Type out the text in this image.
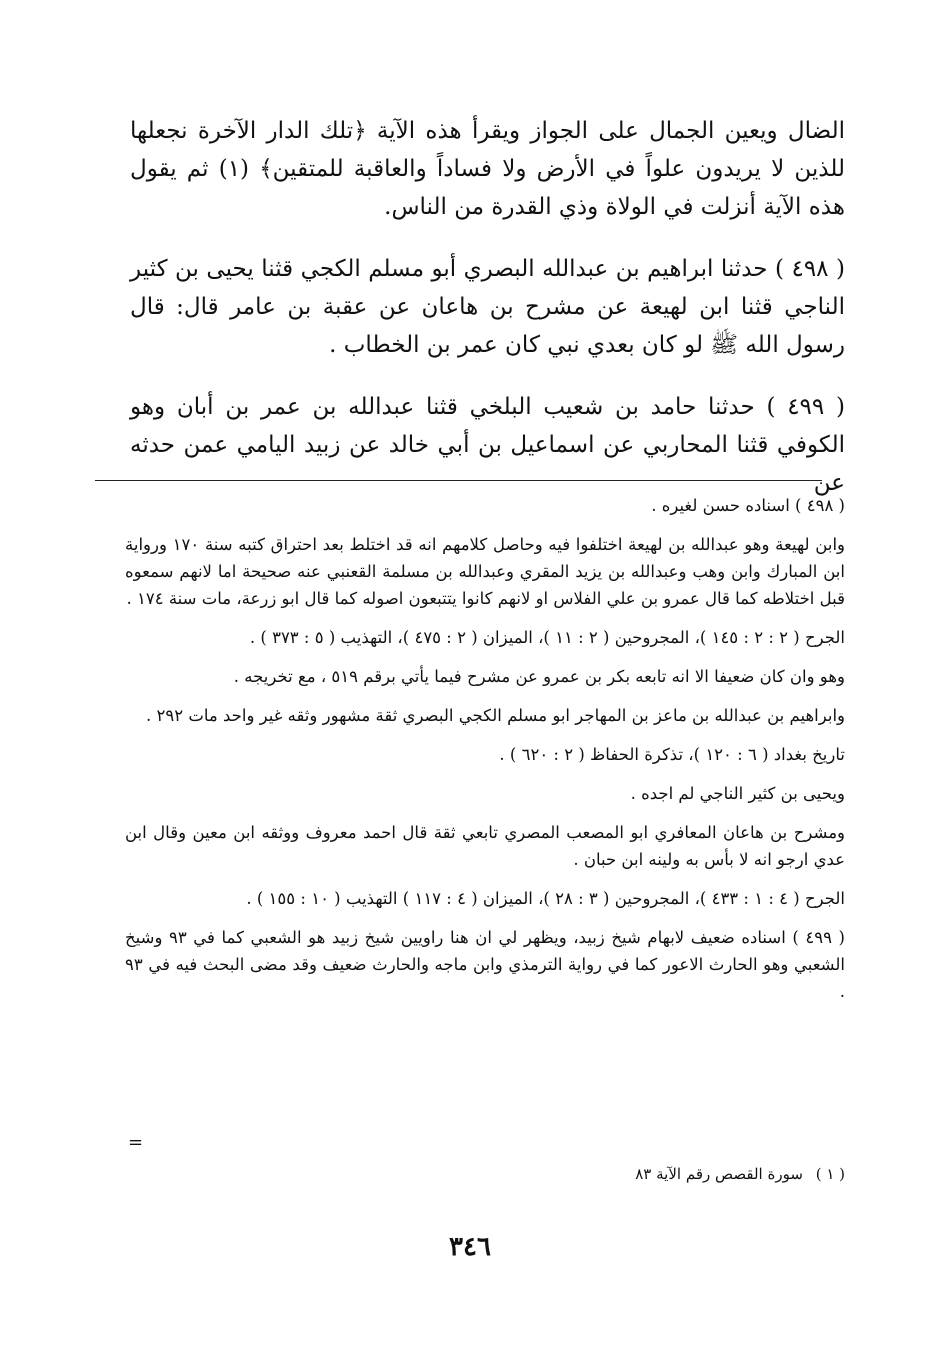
الضال ويعين الجمال على الجواز ويقرأ هذه الآية ﴿تلك الدار الآخرة نجعلها للذين لا يريدون علواً في الأرض ولا فساداً والعاقبة للمتقين﴾ (١) ثم يقول هذه الآية أنزلت في الولاة وذي القدرة من الناس.

( ٤٩٨ ) حدثنا ابراهيم بن عبدالله البصري أبو مسلم الكجي قثنا يحيى بن كثير الناجي قثنا ابن لهيعة عن مشرح بن هاعان عن عقبة بن عامر قال: قال رسول الله ﷺ لو كان بعدي نبي كان عمر بن الخطاب .

( ٤٩٩ ) حدثنا حامد بن شعيب البلخي قثنا عبدالله بن عمر بن أبان وهو الكوفي قثنا المحاربي عن اسماعيل بن أبي خالد عن زبيد اليامي عمن حدثه عن

( ٤٩٨ ) اسناده حسن لغيره .

وابن لهيعة وهو عبدالله بن لهيعة اختلفوا فيه وحاصل كلامهم انه قد اختلط بعد احتراق كتبه سنة ١٧٠ ورواية ابن المبارك وابن وهب وعبدالله بن يزيد المقري وعبدالله بن مسلمة القعنبي عنه صحيحة اما لانهم سمعوه قبل اختلاطه كما قال عمرو بن علي الفلاس او لانهم كانوا يتتبعون اصوله كما قال ابو زرعة، مات سنة ١٧٤ .

الجرح ( ٢ : ٢ : ١٤٥ )، المجروحين ( ٢ : ١١ )، الميزان ( ٢ : ٤٧٥ )، التهذيب ( ٥ : ٣٧٣ ) .

وهو وان كان ضعيفا الا انه تابعه بكر بن عمرو عن مشرح فيما يأتي برقم ٥١٩ ، مع تخريجه .

وابراهيم بن عبدالله بن ماعز بن المهاجر ابو مسلم الكجي البصري ثقة مشهور وثقه غير واحد مات ٢٩٢ .

تاريخ بغداد ( ٦ : ١٢٠ )، تذكرة الحفاظ ( ٢ : ٦٢٠ ) .

ويحيى بن كثير الناجي لم اجده .

ومشرح بن هاعان المعافري ابو المصعب المصري تابعي ثقة قال احمد معروف ووثقه ابن معين وقال ابن عدي ارجو انه لا بأس به ولينه ابن حبان .

الجرح ( ٤ : ١ : ٤٣٣ )، المجروحين ( ٣ : ٢٨ )، الميزان ( ٤ : ١١٧ ) التهذيب ( ١٠ : ١٥٥ ) .

( ٤٩٩ ) اسناده ضعيف لابهام شيخ زبيد، ويظهر لي ان هنا راويين شيخ زبيد هو الشعبي كما في ٩٣ وشيخ الشعبي وهو الحارث الاعور كما في رواية الترمذي وابن ماجه والحارث ضعيف وقد مضى البحث فيه في ٩٣ .

=
( ١ ) سورة القصص رقم الآية ٨٣
٣٤٦
